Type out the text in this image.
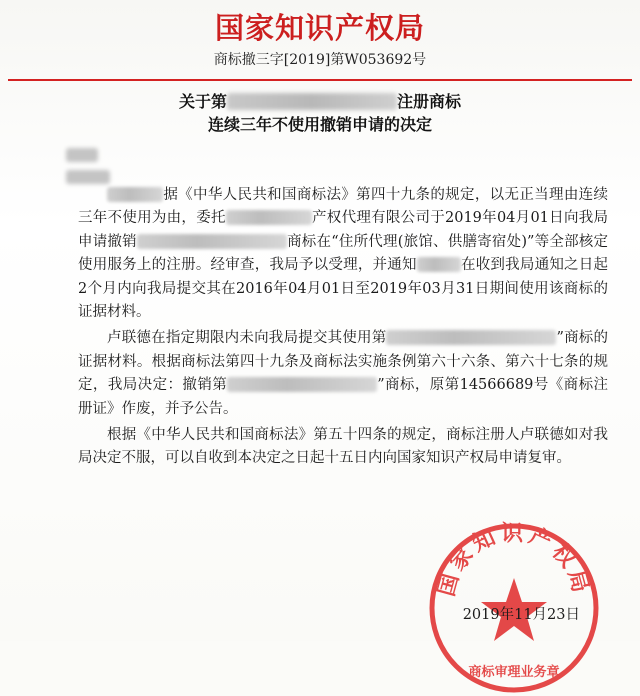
国家知识产权局
商标撤三字[2019]第W053692号
关于第	注册商标
连续三年不使用撤销申请的决定

据《中华人民共和国商标法》第四十九条的规定，以无正当理由连续三年不使用为由，委托	产权代理有限公司于2019年04月01日向我局申请撤销	商标在“住所代理(旅馆、供膳寄宿处)”等全部核定使用服务上的注册。经审查，我局予以受理，并通知	在收到我局通知之日起2个月内向我局提交其在2016年04月01日至2019年03月31日期间使用该商标的证据材料。

卢联德在指定期限内未向我局提交其使用第	”商标的证据材料。根据商标法第四十九条及商标法实施条例第六十六条、第六十七条的规定，我局决定：撤销第	”商标，原第14566689号《商标注册证》作废，并予公告。

根据《中华人民共和国商标法》第五十四条的规定，商标注册人卢联德如对我局决定不服，可以自收到本决定之日起十五日内向国家知识产权局申请复审。

国家知识产权局
商标审理业务章
2019年11月23日
